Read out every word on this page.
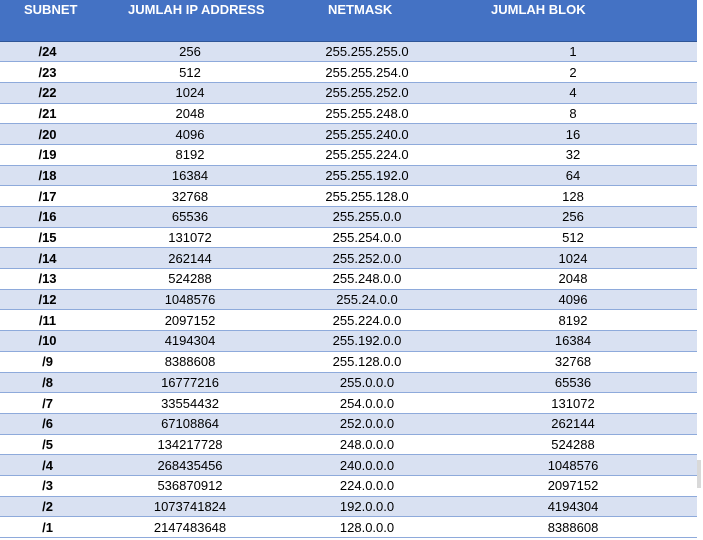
SUBNET	JUMLAH IP ADDRESS	NETMASK	JUMLAH BLOK
/24	256	255.255.255.0	1
/23	512	255.255.254.0	2
/22	1024	255.255.252.0	4
/21	2048	255.255.248.0	8
/20	4096	255.255.240.0	16
/19	8192	255.255.224.0	32
/18	16384	255.255.192.0	64
/17	32768	255.255.128.0	128
/16	65536	255.255.0.0	256
/15	131072	255.254.0.0	512
/14	262144	255.252.0.0	1024
/13	524288	255.248.0.0	2048
/12	1048576	255.24.0.0	4096
/11	2097152	255.224.0.0	8192
/10	4194304	255.192.0.0	16384
/9	8388608	255.128.0.0	32768
/8	16777216	255.0.0.0	65536
/7	33554432	254.0.0.0	131072
/6	67108864	252.0.0.0	262144
/5	134217728	248.0.0.0	524288
/4	268435456	240.0.0.0	1048576
/3	536870912	224.0.0.0	2097152
/2	1073741824	192.0.0.0	4194304
/1	2147483648	128.0.0.0	8388608
